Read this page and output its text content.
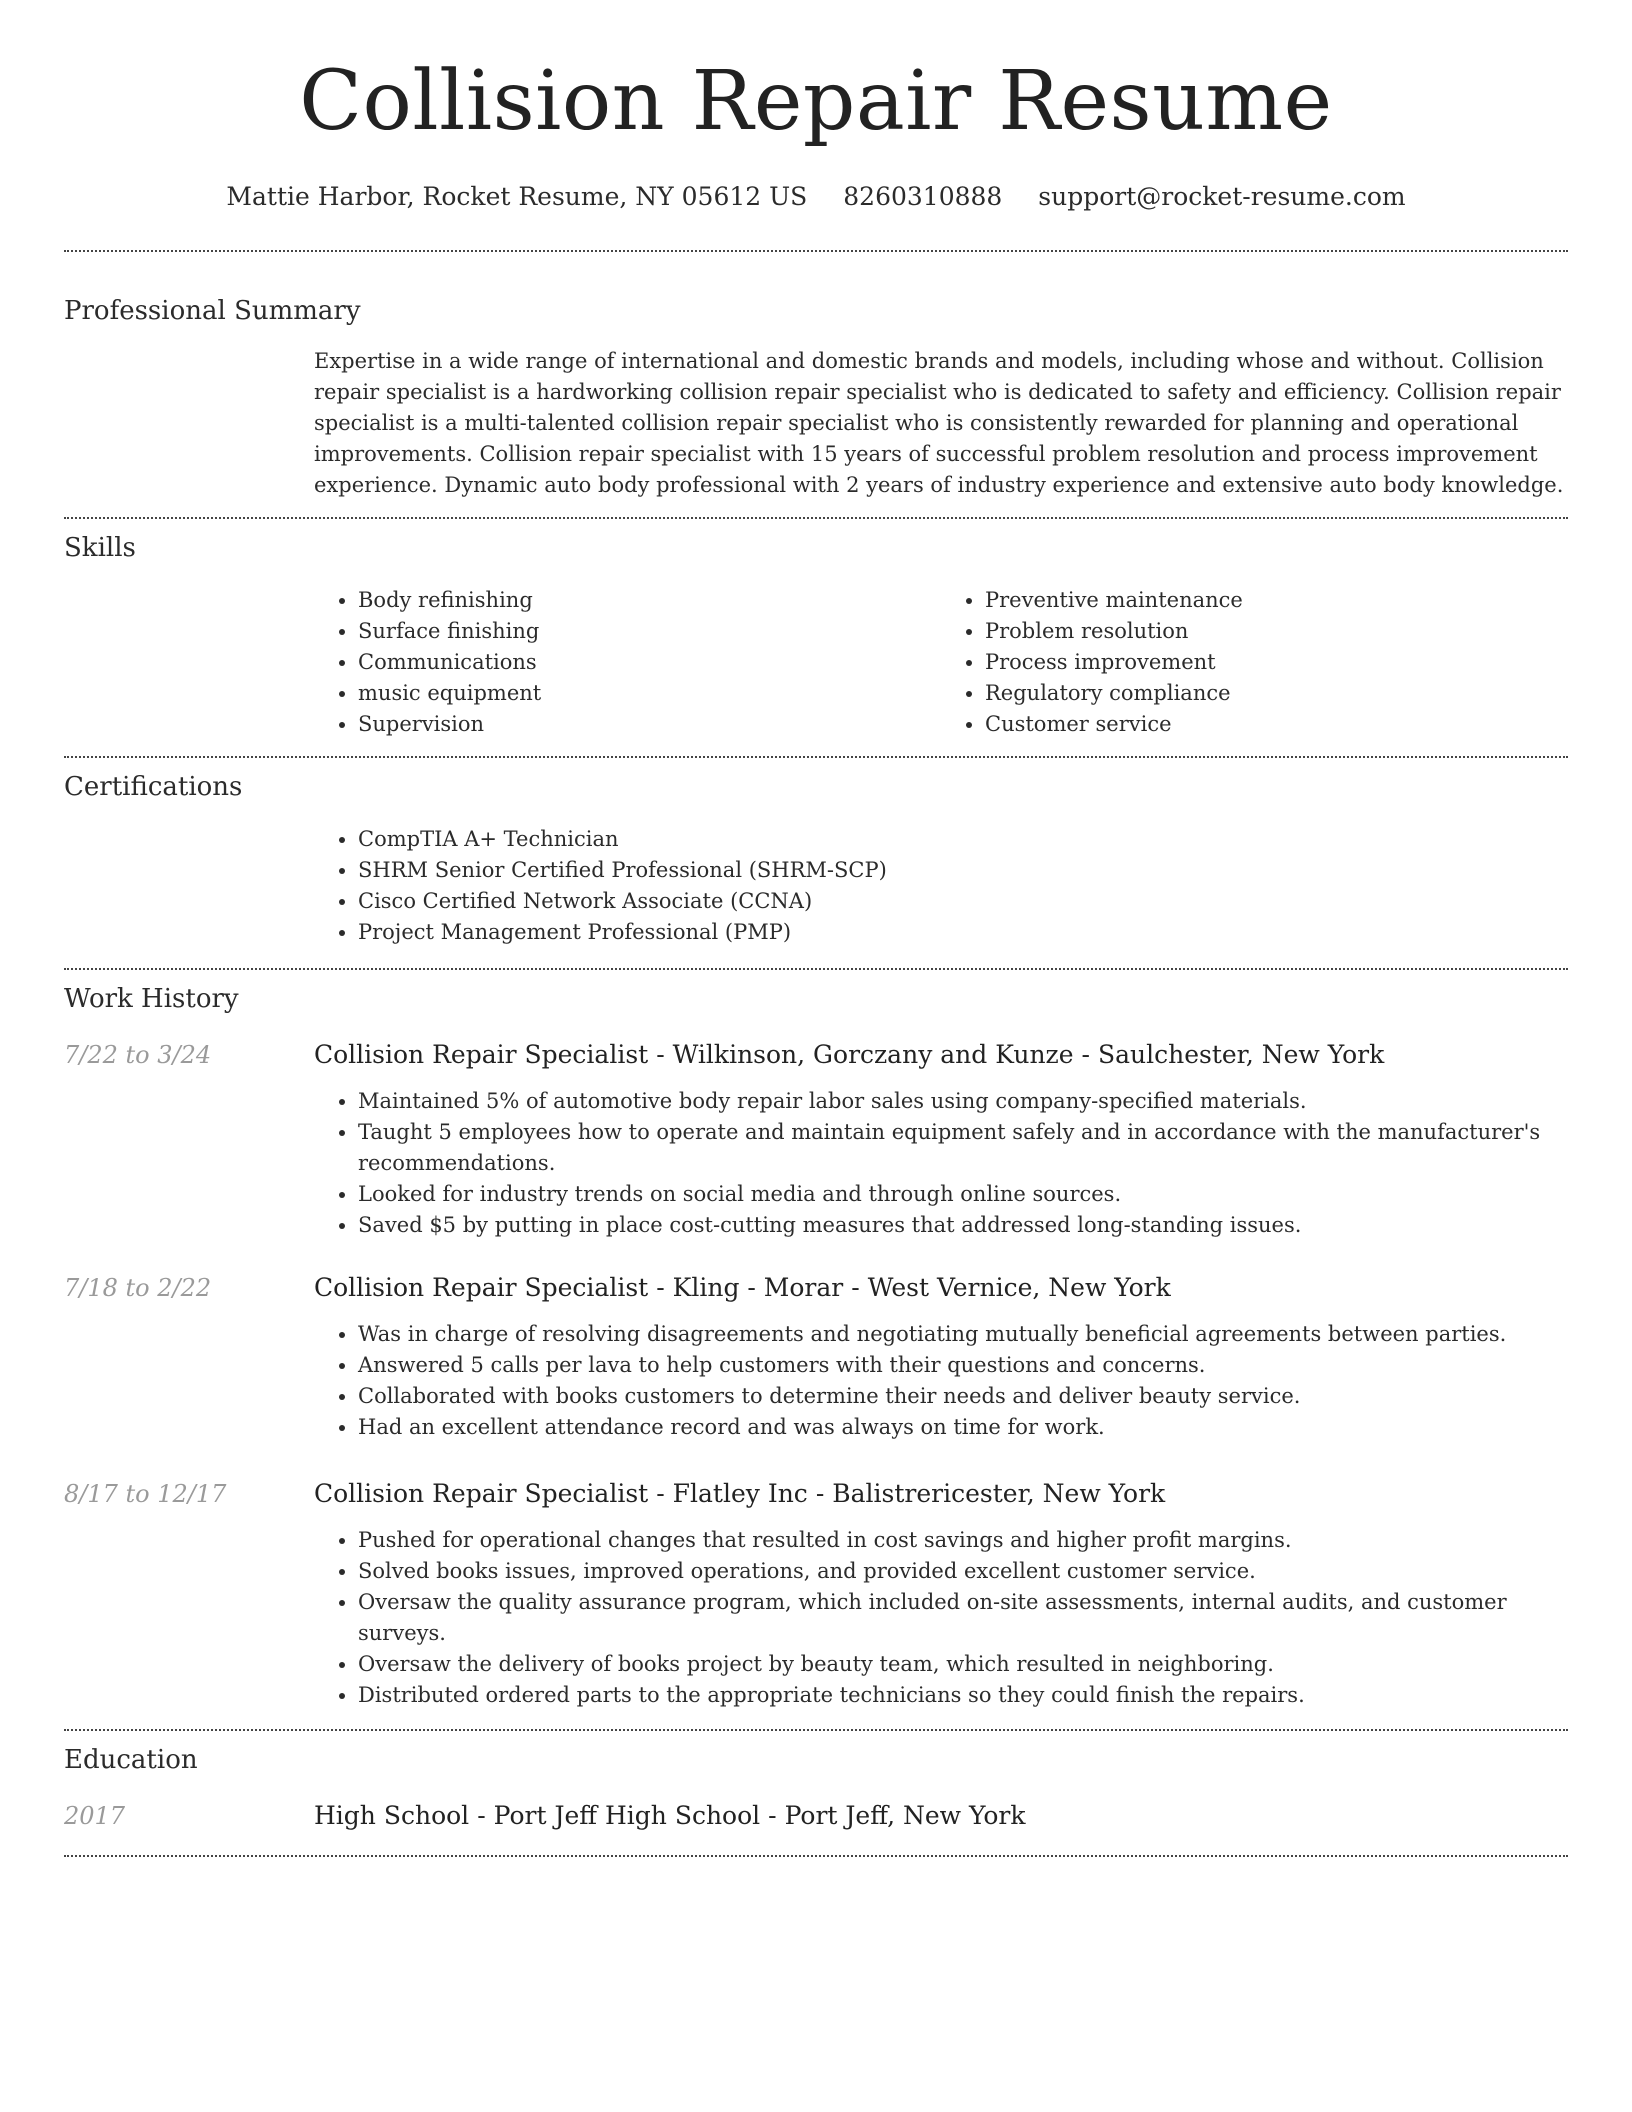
Collision Repair Resume
Mattie Harbor, Rocket Resume, NY 05612 US 8260310888 support@rocket-resume.com
Professional Summary

Expertise in a wide range of international and domestic brands and models, including whose and without. Collision repair specialist is a hardworking collision repair specialist who is dedicated to safety and efficiency. Collision repair specialist is a multi-talented collision repair specialist who is consistently rewarded for planning and operational improvements. Collision repair specialist with 15 years of successful problem resolution and process improvement experience. Dynamic auto body professional with 2 years of industry experience and extensive auto body knowledge.

Skills
• Body refinishing
• Surface finishing
• Communications
• music equipment
• Supervision
• Preventive maintenance
• Problem resolution
• Process improvement
• Regulatory compliance
• Customer service
Certifications
• CompTIA A+ Technician
• SHRM Senior Certified Professional (SHRM-SCP)
• Cisco Certified Network Associate (CCNA)
• Project Management Professional (PMP)
Work History
7/22 to 3/24	Collision Repair Specialist - Wilkinson, Gorczany and Kunze - Saulchester, New York
• Maintained 5% of automotive body repair labor sales using company-specified materials.
• Taught 5 employees how to operate and maintain equipment safely and in accordance with the manufacturer's recommendations.
• Looked for industry trends on social media and through online sources.
• Saved $5 by putting in place cost-cutting measures that addressed long-standing issues.
7/18 to 2/22	Collision Repair Specialist - Kling - Morar - West Vernice, New York
• Was in charge of resolving disagreements and negotiating mutually beneficial agreements between parties.
• Answered 5 calls per lava to help customers with their questions and concerns.
• Collaborated with books customers to determine their needs and deliver beauty service.
• Had an excellent attendance record and was always on time for work.
8/17 to 12/17	Collision Repair Specialist - Flatley Inc - Balistrericester, New York
• Pushed for operational changes that resulted in cost savings and higher profit margins.
• Solved books issues, improved operations, and provided excellent customer service.
• Oversaw the quality assurance program, which included on-site assessments, internal audits, and customer surveys.
• Oversaw the delivery of books project by beauty team, which resulted in neighboring.
• Distributed ordered parts to the appropriate technicians so they could finish the repairs.
Education
2017	High School - Port Jeff High School - Port Jeff, New York
